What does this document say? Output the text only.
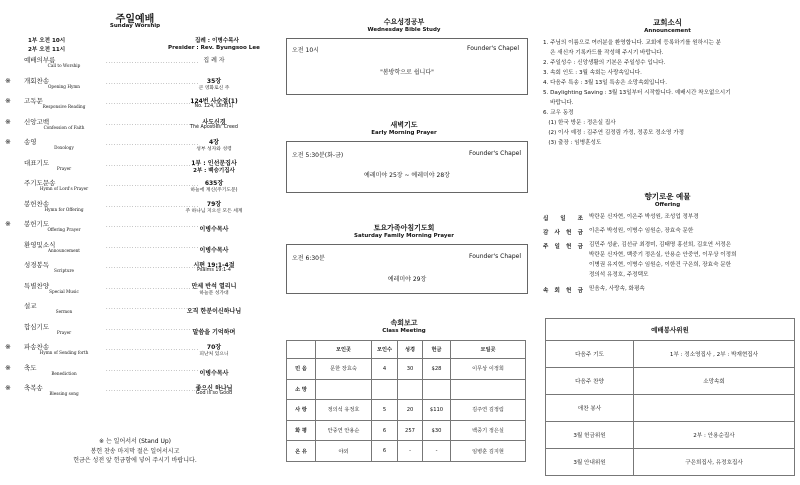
주일예배
Sunday Worship
1부 오전 10시
2부 오전 11시
집례 : 이병수목사
Presider : Rev. Byungsoo Lee
예배의부름
Call to Worship	···································· 집 례 자
※ 개회찬송
Opening Hymn	····································	35장
큰 영화로신 주
※ 고독문
Responsive Reading	····································
124번 사순절(1)
No. 124, Lent(1)
※ 신앙고백
Confession of Faith	···································· 사도신경
The Apostles' Creed
※ 송영
Doxology	····································	4장
성부 성자와 성령
대표기도
Prayer	····································
1부 : 인선문집사
2부 : 백승기집사
주기도문송
Hymn of Lord's Prayer	···································· 635장
하늘에 계신(주기도문)
봉헌찬송
Hymn for Offering	····································	79장
주 하나님 지으신 모든 세계
※ 봉헌기도
Offering Prayer	···································· 이병수목사
환영및소식
Announcement	···································· 이병수목사
성경봉독
Scripture	····································
시편 19:1-4절
Psalms 19:1-4
특별찬양
Special Music	····································
만세 반석 열리니
하늘문 성가대
설교
Sermon	····································
오직 한분이신하나님
합심기도
Prayer	····································
말씀을 기억하며
※ 파송찬송
Hymn of Sending forth	····································	70장
피난처 있으니
※ 축도
Benediction	···································· 이병수목사
※ 축복송
Blessing song	····································
좋으신 하나님
God is so Good
※ 는 일어서서 (Stand Up)
봉헌 찬송 마지막 절은 일어서시고
헌금은 성전 앞 헌금함에 넣어 주시기 바랍니다.
수요성경공부
Wednesday Bible Study
오전 10시	Founder's Chapel
"봄방학으로 쉽니다"
새벽기도
Early Morning Prayer
오전 5:30분(화-금)	Founder's Chapel
예레미야 25장 ~ 예레미야 28장
토요가족아침기도회
Saturday Family Morning Prayer
오전 6:30분	Founder's Chapel
예레미야 29장
속회보고
Class Meeting
	모인곳	모인수	성경	헌금	모일곳
민 음	문한 장효숙	4	30	$28	이무상 이정희
소 망					
사 랑	정의석 유정호	5	20	$110	김주연 김정림
화 평	안중연 안용순	6	257	$30	백중기 정은실
온 유	야외	6	-	-	임병훈 김지현
교회소식
Announcement
1. 주님의 이름으로 여러분을 환영합니다. 교회에 등록하기를 원하시는 분
은 새신자 기록카드를 작성해 주시기 바랍니다.
2. 주일성수 : 신앙생활의 기본은 주일성수 입니다.
3. 속회 인도 : 3월 속회는 사랑속입니다.
4. 다음주 특송 : 3월 13일 특송은 소망속회입니다.
5. Daylighting Saving : 3월 13일부터 시작합니다. 예배시간 착오없으시기
바랍니다.
6. 교우 동정
(1) 한국 방문 : 정은실 집사
(2) 이사 예정 : 김주연 김정림 가정, 정종모 정소영 가정
(3) 출장 : 임병훈성도
향기로운 예물
Offering
십 일 조 박란문 신자현, 이은주 박성원, 조성업 정부경
감 사 헌 금 이은주 박성원, 이병수 임원순, 장효숙 문한
주 일 헌 금 김민주 성윤, 김선규 최경미, 김태명 홍선희, 김호연 서정은
박란문 신자현, 백중기 정은실, 안용순 안중연, 이무상 이정희
이병권 유지현, 이병수 임원순, 이한건 구은희, 장효숙 문한
정의석 유정호, 주정택모
속 회 헌 금 믿음속, 사랑속, 화평속
예배봉사위원	
다음주 기도	1부 : 정소영집사 , 2부 : 박재현집사
다음주 찬양	소망속회
애찬 봉사	
3월 헌금위원	2부 : 안용순집사
3월 안내위원	구은희집사, 유정호집사
